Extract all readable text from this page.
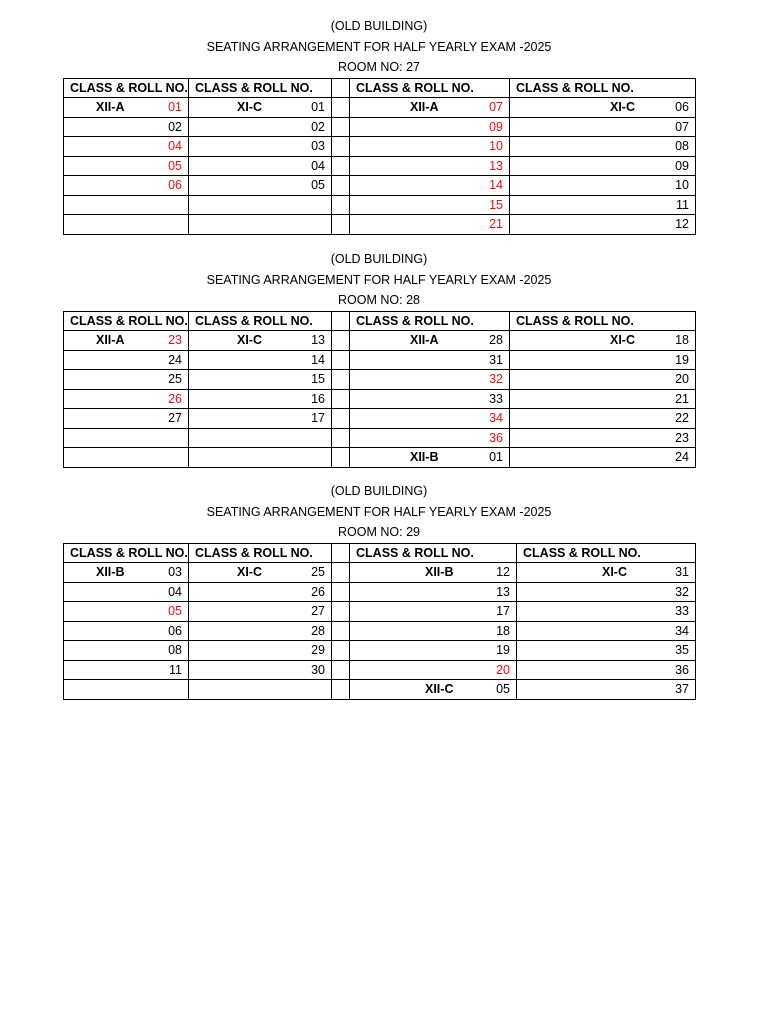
(OLD BUILDING)
SEATING ARRANGEMENT FOR HALF YEARLY EXAM -2025
ROOM NO: 27
CLASS & ROLL NO.	CLASS & ROLL NO.		CLASS & ROLL NO.	CLASS & ROLL NO.

XII-A 01	XI-C 01		XII-A 07	XI-C 06

02	02		09	07

04	03		10	08

05	04		13	09

06	05		14	10

			15	11

			21	12
(OLD BUILDING)
SEATING ARRANGEMENT FOR HALF YEARLY EXAM -2025
ROOM NO: 28
CLASS & ROLL NO.	CLASS & ROLL NO.		CLASS & ROLL NO.	CLASS & ROLL NO.

XII-A 23	XI-C 13		XII-A 28	XI-C 18

24	14		31	19

25	15		32	20

26	16		33	21

27	17		34	22

			36	23

			XII-B 01	24
(OLD BUILDING)
SEATING ARRANGEMENT FOR HALF YEARLY EXAM -2025
ROOM NO: 29
CLASS & ROLL NO.	CLASS & ROLL NO.		CLASS & ROLL NO.	CLASS & ROLL NO.

XII-B 03	XI-C 25		XII-B 12	XI-C 31

04	26		13	32

05	27		17	33

06	28		18	34

08	29		19	35

11	30		20	36

			XII-C 05	37
